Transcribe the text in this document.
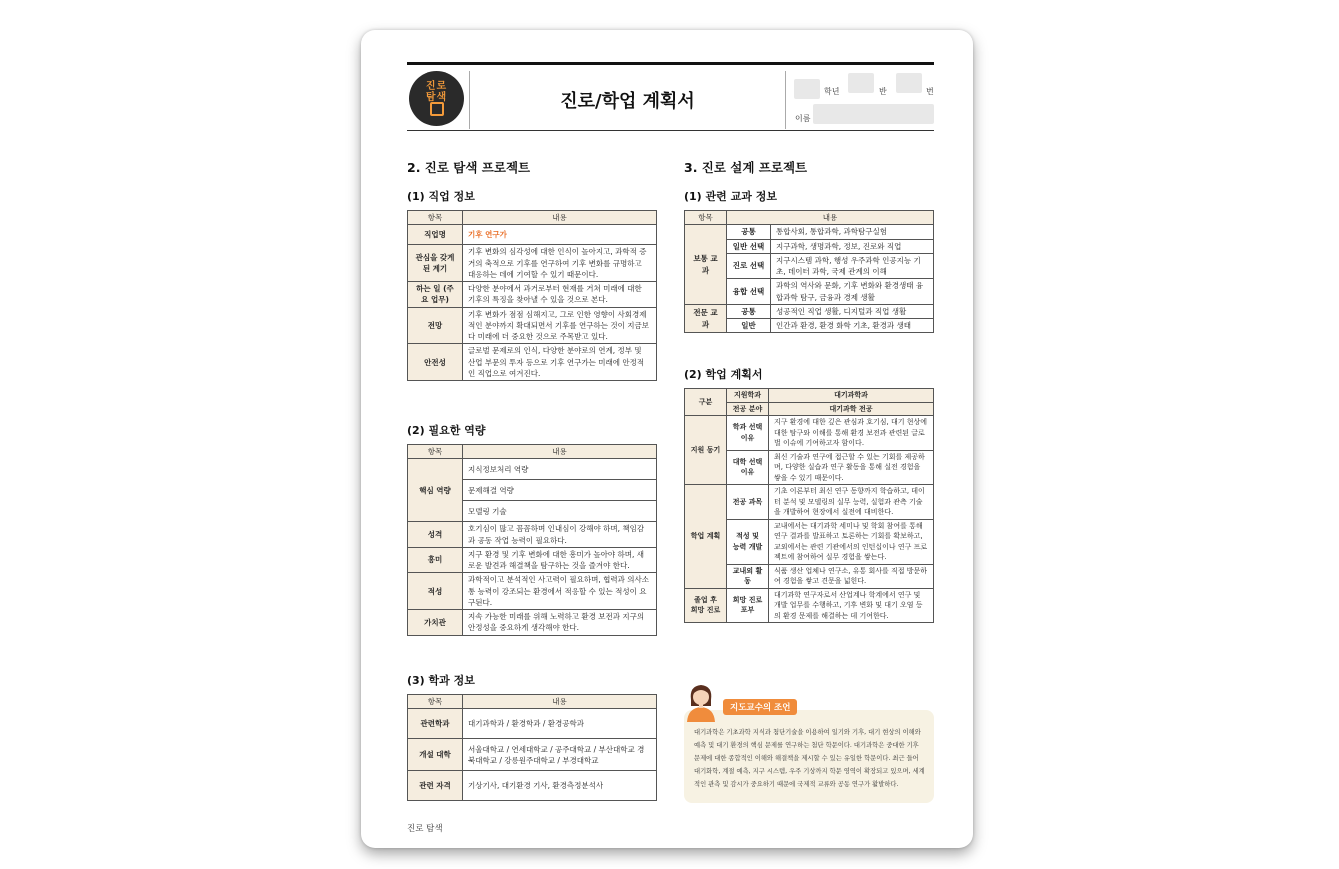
진로탐색	진로/학업 계획서	학년	반	번
이름
2. 진로 탐색 프로젝트
(1) 직업 정보
항목	내용
직업명	기후 연구가
관심을 갖게 된 계기	기후 변화의 심각성에 대한 인식이 높아지고, 과학적 증거의 축적으로 기후를 연구하여 기후 변화를 규명하고 대응하는 데에 기여할 수 있기 때문이다.
하는 일 (주요 업무)	다양한 분야에서 과거로부터 현재를 거쳐 미래에 대한 기후의 특징을 찾아낼 수 있을 것으로 본다.
전망	기후 변화가 점점 심해지고, 그로 인한 영향이 사회경제적인 분야까지 확대되면서 기후를 연구하는 것이 지금보다 미래에 더 중요한 것으로 주목받고 있다.
안전성	글로벌 문제로의 인식, 다양한 분야로의 연계, 정부 및 산업 부문의 투자 등으로 기후 연구가는 미래에 안정적인 직업으로 여겨진다.
(2) 필요한 역량
항목	내용
핵심 역량	지식정보처리 역량
	문제해결 역량
	모델링 기술
성격	호기심이 많고 꼼꼼하며 인내심이 강해야 하며, 책임감과 공동 작업 능력이 필요하다.
흥미	지구 환경 및 기후 변화에 대한 흥미가 높아야 하며, 새로운 발견과 해결책을 탐구하는 것을 즐겨야 한다.
적성	과학적이고 분석적인 사고력이 필요하며, 협력과 의사소통 능력이 강조되는 환경에서 적응할 수 있는 적성이 요구된다.
가치관	지속 가능한 미래를 위해 노력하고 환경 보전과 지구의 안정성을 중요하게 생각해야 한다.
(3) 학과 정보
항목	내용
관련학과	대기과학과 / 환경학과 / 환경공학과
개설 대학	서울대학교 / 연세대학교 / 공주대학교 / 부산대학교 경북대학교 / 강릉원주대학교 / 부경대학교
관련 자격	기상기사, 대기환경 기사, 환경측정분석사
3. 진로 설계 프로젝트
(1) 관련 교과 정보
항목	내용	
보통 교과	공통	통합사회, 통합과학, 과학탐구실험
	일반 선택	지구과학, 생명과학, 정보, 진로와 직업
	진로 선택	지구시스템 과학, 행성 우주과학 인공지능 기초, 데이터 과학, 국제 관계의 이해
	융합 선택	과학의 역사와 문화, 기후 변화와 환경생태 융합과학 탐구, 금융과 경제 생활
전문 교과	공통	성공적인 직업 생활, 디지털과 직업 생활
	일반	인간과 환경, 환경 화학 기초, 환경과 생태
(2) 학업 계획서
구분	지원학과	대기과학과
	전공 분야	대기과학 전공
지원 동기	학과 선택 이유	지구 환경에 대한 깊은 관심과 호기심, 대기 현상에 대한 탐구와 이해를 통해 환경 보전과 관련된 글로벌 이슈에 기여하고자 함이다.
	대학 선택 이유	최신 기술과 연구에 접근할 수 있는 기회를 제공하며, 다양한 실습과 연구 활동을 통해 실전 경험을 쌓을 수 있기 때문이다.
학업 계획	전공 과목	기초 이론부터 최신 연구 동향까지 학습하고, 데이터 분석 및 모델링의 실무 능력, 실험과 관측 기술을 개발하여 현장에서 실전에 대비한다.
	적성 및 능력 개발	교내에서는 대기과학 세미나 및 학회 참여를 통해 연구 결과를 발표하고 토론하는 기회를 확보하고, 교외에서는 관련 기관에서의 인턴십이나 연구 프로젝트에 참여하여 실무 경험을 쌓는다.
	교내외 활동	식품 생산 업체나 연구소, 유통 회사를 직접 방문하여 경험을 쌓고 견문을 넓힌다.
졸업 후 희망 진로	희망 진로 포부	대기과학 연구자로서 산업계나 학계에서 연구 및 개발 업무를 수행하고, 기후 변화 및 대기 오염 등의 환경 문제를 해결하는 데 기여한다.
지도교수의 조언
대기과학은 기초과학 지식과 첨단기술을 이용하여 일기와 기후, 대기 현상의 이해와 예측 및 대기 환경의 핵심 문제를 연구하는 첨단 학문이다. 대기과학은 중대한 기후 문제에 대한 종합적인 이해와 해결책을 제시할 수 있는 유일한 학문이다. 최근 들어 대기화학, 계절 예측, 지구 시스템, 우주 기상까지 학문 영역이 확장되고 있으며, 세계적인 관측 및 감시가 중요하기 때문에 국제적 교류와 공동 연구가 활발하다.
진로 탐색
